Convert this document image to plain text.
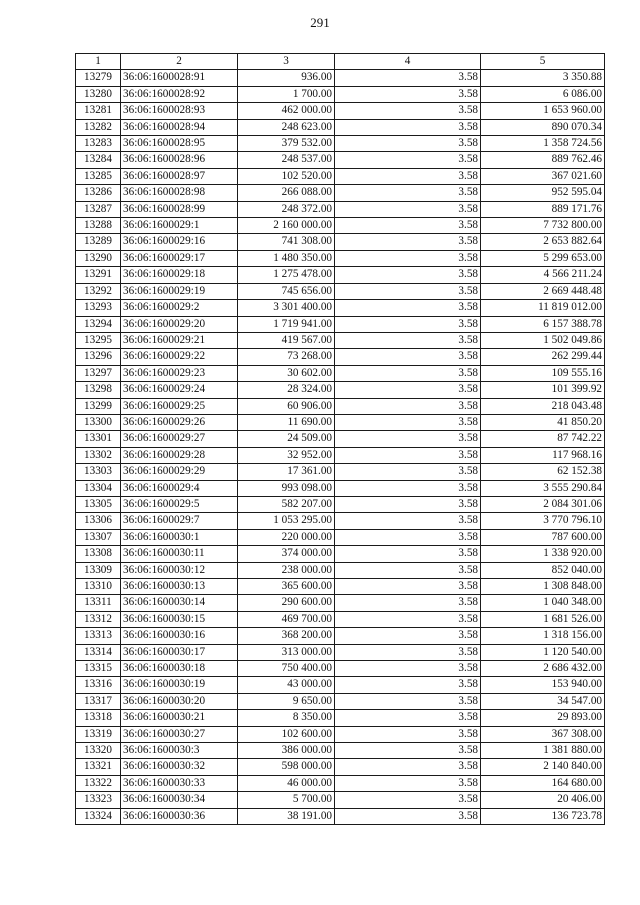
291
1	2	3	4	5
13279	36:06:1600028:91	936.00	3.58	3 350.88
13280	36:06:1600028:92	1 700.00	3.58	6 086.00
13281	36:06:1600028:93	462 000.00	3.58	1 653 960.00
13282	36:06:1600028:94	248 623.00	3.58	890 070.34
13283	36:06:1600028:95	379 532.00	3.58	1 358 724.56
13284	36:06:1600028:96	248 537.00	3.58	889 762.46
13285	36:06:1600028:97	102 520.00	3.58	367 021.60
13286	36:06:1600028:98	266 088.00	3.58	952 595.04
13287	36:06:1600028:99	248 372.00	3.58	889 171.76
13288	36:06:1600029:1	2 160 000.00	3.58	7 732 800.00
13289	36:06:1600029:16	741 308.00	3.58	2 653 882.64
13290	36:06:1600029:17	1 480 350.00	3.58	5 299 653.00
13291	36:06:1600029:18	1 275 478.00	3.58	4 566 211.24
13292	36:06:1600029:19	745 656.00	3.58	2 669 448.48
13293	36:06:1600029:2	3 301 400.00	3.58	11 819 012.00
13294	36:06:1600029:20	1 719 941.00	3.58	6 157 388.78
13295	36:06:1600029:21	419 567.00	3.58	1 502 049.86
13296	36:06:1600029:22	73 268.00	3.58	262 299.44
13297	36:06:1600029:23	30 602.00	3.58	109 555.16
13298	36:06:1600029:24	28 324.00	3.58	101 399.92
13299	36:06:1600029:25	60 906.00	3.58	218 043.48
13300	36:06:1600029:26	11 690.00	3.58	41 850.20
13301	36:06:1600029:27	24 509.00	3.58	87 742.22
13302	36:06:1600029:28	32 952.00	3.58	117 968.16
13303	36:06:1600029:29	17 361.00	3.58	62 152.38
13304	36:06:1600029:4	993 098.00	3.58	3 555 290.84
13305	36:06:1600029:5	582 207.00	3.58	2 084 301.06
13306	36:06:1600029:7	1 053 295.00	3.58	3 770 796.10
13307	36:06:1600030:1	220 000.00	3.58	787 600.00
13308	36:06:1600030:11	374 000.00	3.58	1 338 920.00
13309	36:06:1600030:12	238 000.00	3.58	852 040.00
13310	36:06:1600030:13	365 600.00	3.58	1 308 848.00
13311	36:06:1600030:14	290 600.00	3.58	1 040 348.00
13312	36:06:1600030:15	469 700.00	3.58	1 681 526.00
13313	36:06:1600030:16	368 200.00	3.58	1 318 156.00
13314	36:06:1600030:17	313 000.00	3.58	1 120 540.00
13315	36:06:1600030:18	750 400.00	3.58	2 686 432.00
13316	36:06:1600030:19	43 000.00	3.58	153 940.00
13317	36:06:1600030:20	9 650.00	3.58	34 547.00
13318	36:06:1600030:21	8 350.00	3.58	29 893.00
13319	36:06:1600030:27	102 600.00	3.58	367 308.00
13320	36:06:1600030:3	386 000.00	3.58	1 381 880.00
13321	36:06:1600030:32	598 000.00	3.58	2 140 840.00
13322	36:06:1600030:33	46 000.00	3.58	164 680.00
13323	36:06:1600030:34	5 700.00	3.58	20 406.00
13324	36:06:1600030:36	38 191.00	3.58	136 723.78
